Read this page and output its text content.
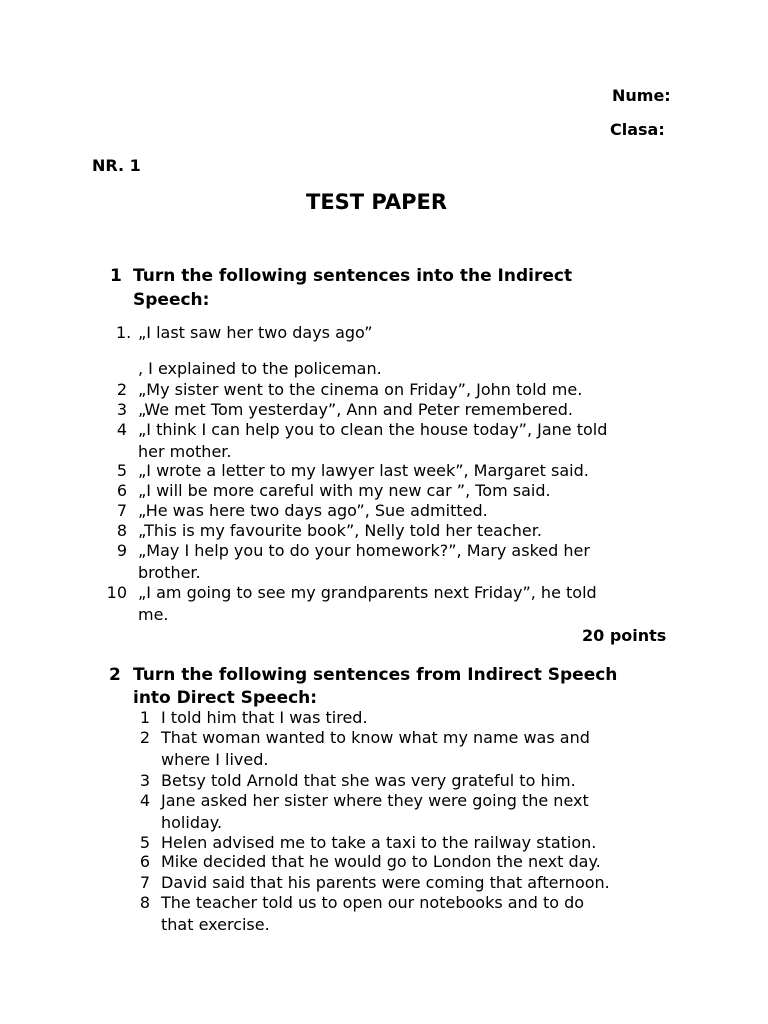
Nume:
Clasa:
NR. 1
TEST PAPER
1 Turn the following sentences into the Indirect
Speech:
1. „I last saw her two days ago”
, I explained to the policeman.
2 „My sister went to the cinema on Friday”, John told me.
3 „We met Tom yesterday”, Ann and Peter remembered.
4 „I think I can help you to clean the house today”, Jane told
her mother.
5 „I wrote a letter to my lawyer last week”, Margaret said.
6 „I will be more careful with my new car ”, Tom said.
7 „He was here two days ago”, Sue admitted.
8 „This is my favourite book”, Nelly told her teacher.
9 „May I help you to do your homework?”, Mary asked her
brother.
10 „I am going to see my grandparents next Friday”, he told
me.
20 points
2 Turn the following sentences from Indirect Speech
into Direct Speech:
1 I told him that I was tired.
2 That woman wanted to know what my name was and
where I lived.
3 Betsy told Arnold that she was very grateful to him.
4 Jane asked her sister where they were going the next
holiday.
5 Helen advised me to take a taxi to the railway station.
6 Mike decided that he would go to London the next day.
7 David said that his parents were coming that afternoon.
8 The teacher told us to open our notebooks and to do
that exercise.
